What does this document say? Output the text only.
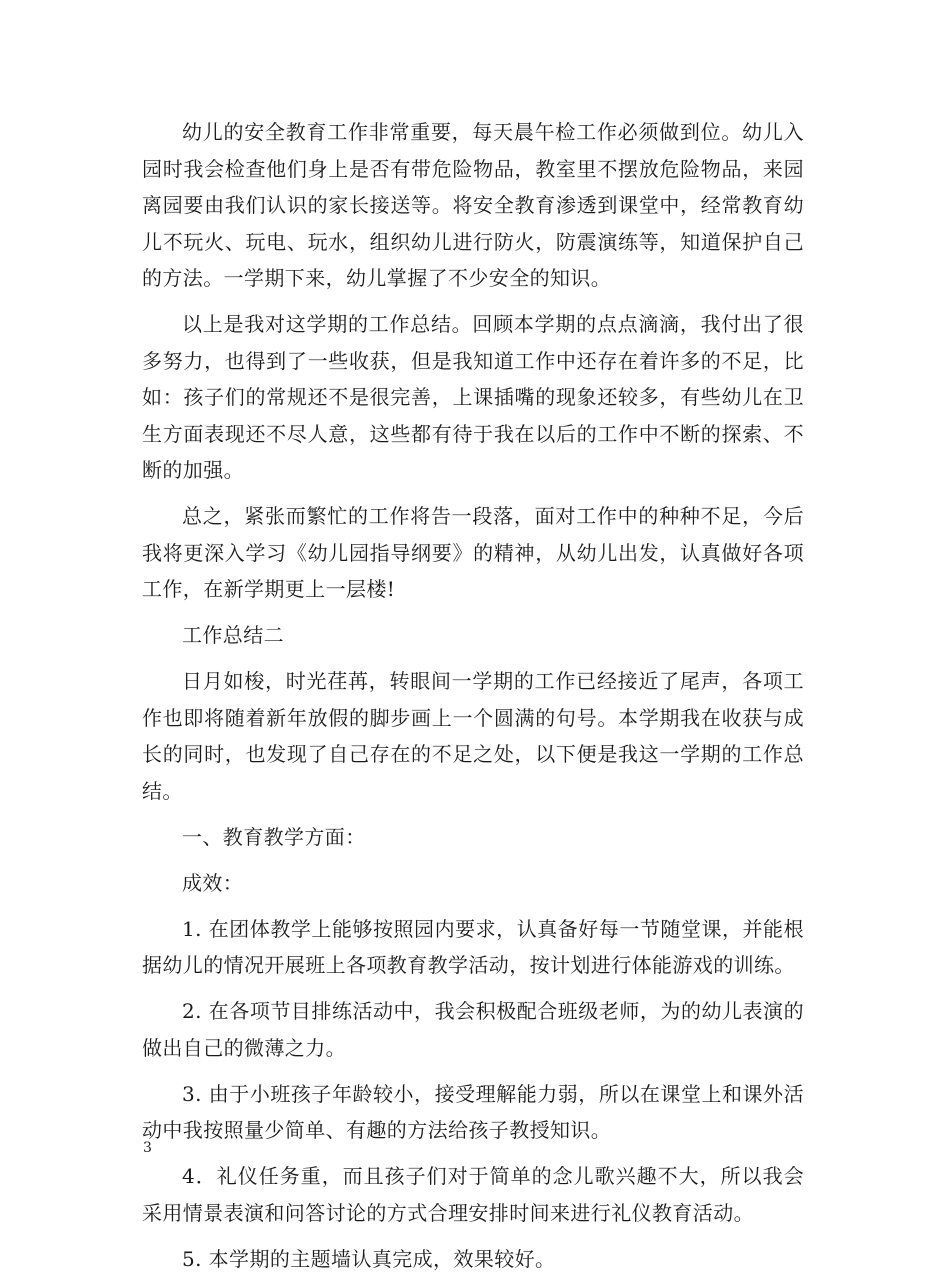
幼儿的安全教育工作非常重要，每天晨午检工作必须做到位。幼儿入园时我会检查他们身上是否有带危险物品，教室里不摆放危险物品，来园离园要由我们认识的家长接送等。将安全教育渗透到课堂中，经常教育幼儿不玩火、玩电、玩水，组织幼儿进行防火，防震演练等，知道保护自己的方法。一学期下来，幼儿掌握了不少安全的知识。

以上是我对这学期的工作总结。回顾本学期的点点滴滴，我付出了很多努力，也得到了一些收获，但是我知道工作中还存在着许多的不足，比如：孩子们的常规还不是很完善，上课插嘴的现象还较多，有些幼儿在卫生方面表现还不尽人意，这些都有待于我在以后的工作中不断的探索、不断的加强。

总之，紧张而繁忙的工作将告一段落，面对工作中的种种不足，今后我将更深入学习《幼儿园指导纲要》的精神，从幼儿出发，认真做好各项工作，在新学期更上一层楼!

工作总结二

日月如梭，时光荏苒，转眼间一学期的工作已经接近了尾声，各项工作也即将随着新年放假的脚步画上一个圆满的句号。本学期我在收获与成长的同时，也发现了自己存在的不足之处，以下便是我这一学期的工作总结。

一、教育教学方面：

成效：

1. 在团体教学上能够按照园内要求，认真备好每一节随堂课，并能根据幼儿的情况开展班上各项教育教学活动，按计划进行体能游戏的训练。

2. 在各项节目排练活动中，我会积极配合班级老师，为的幼儿表演的做出自己的微薄之力。

3. 由于小班孩子年龄较小，接受理解能力弱，所以在课堂上和课外活动中我按照量少简单、有趣的方法给孩子教授知识。

4．礼仪任务重，而且孩子们对于简单的念儿歌兴趣不大，所以我会采用情景表演和问答讨论的方式合理安排时间来进行礼仪教育活动。

5. 本学期的主题墙认真完成，效果较好。

3
